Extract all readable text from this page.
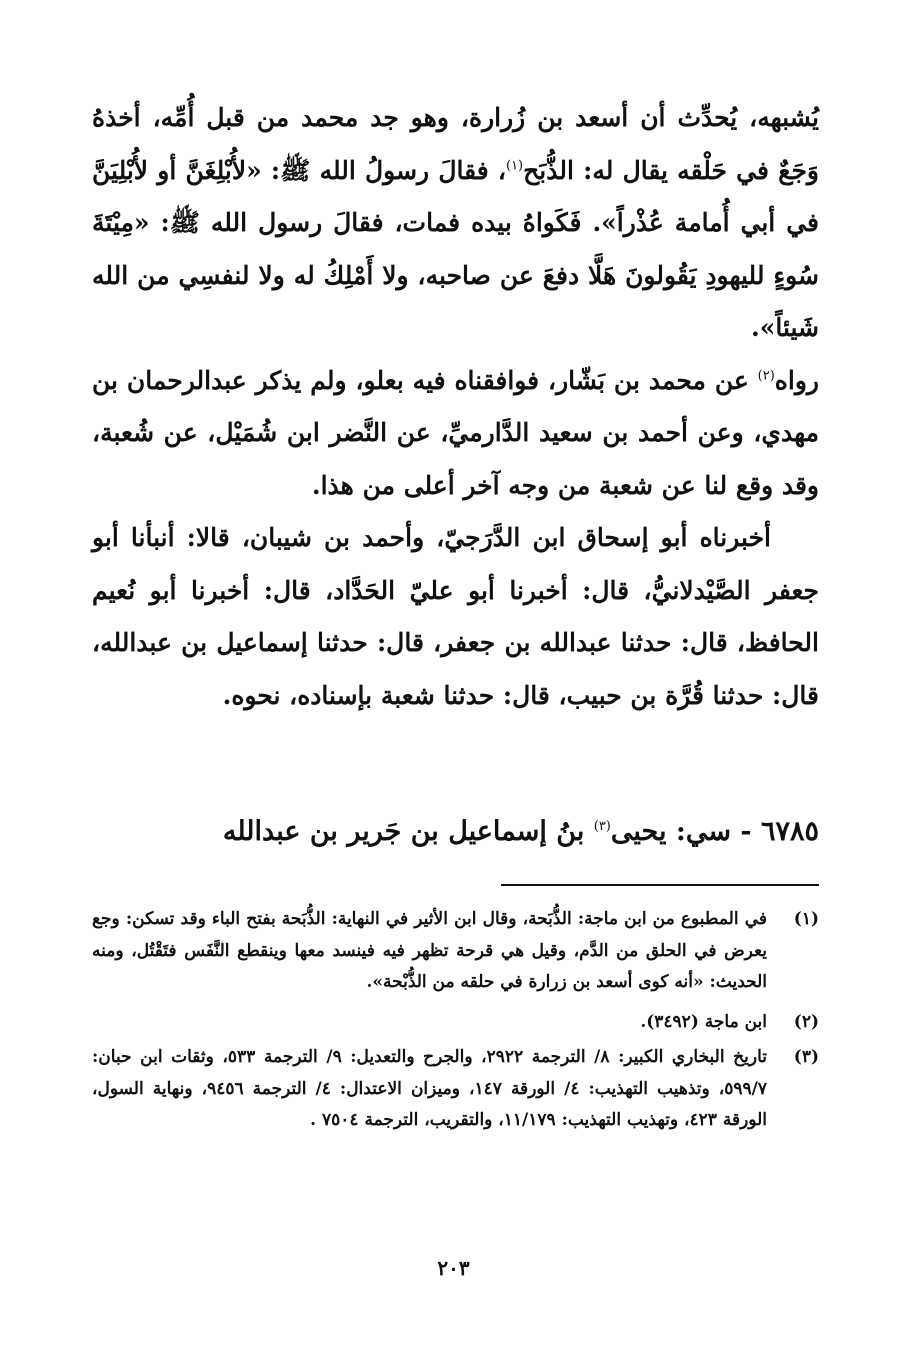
يُشبهه، يُحدِّث أن أسعد بن زُرارة، وهو جد محمد من قبل أُمِّه، أخذهُ وَجَعٌ في حَلْقه يقال له: الذُّبَح$^{(١)}$، فقالَ رسولُ الله ﷺ: «لأُبْلِغَنَّ أو لأُبْلِيَنَّ في أبي أُمامة عُذْراً». فَكَواهُ بيده فمات، فقالَ رسول الله ﷺ: «مِيْتَةَ سُوءٍ لليهودِ يَقُولونَ هَلَّا دفعَ عن صاحبه، ولا أَمْلِكُ له ولا لنفسِي من الله شَيئاً».

رواه$^{(٢)}$ عن محمد بن بَشّار، فوافقناه فيه بعلو، ولم يذكر عبدالرحمان بن مهدي، وعن أحمد بن سعيد الدَّارميِّ، عن النَّضر ابن شُمَيْل، عن شُعبة، وقد وقع لنا عن شعبة من وجه آخر أعلى من هذا.

أخبرناه أبو إسحاق ابن الدَّرَجيّ، وأحمد بن شيبان، قالا: أنبأنا أبو جعفر الصَّيْدلانيُّ، قال: أخبرنا أبو عليّ الحَدَّاد، قال: أخبرنا أبو نُعيم الحافظ، قال: حدثنا عبدالله بن جعفر، قال: حدثنا إسماعيل بن عبدالله، قال: حدثنا قُرَّة بن حبيب، قال: حدثنا شعبة بإسناده، نحوه.

٦٧٨٥ - سي: يحيى$^{(٣)}$ بنُ إسماعيل بن جَرير بن عبدالله
(١)
في المطبوع من ابن ماجة: الذُّبَحة، وقال ابن الأثير في النهاية: الذُّبَحة بفتح الباء وقد تسكن: وجع يعرض في الحلق من الدَّم، وقيل هي قرحة تظهر فيه فينسد معها وينقطع النَّفَس فتَقْتُل، ومنه الحديث: «أنه كوى أسعد بن زرارة في حلقه من الذُّبْحة».
(٢)
ابن ماجة (٣٤٩٢).
(٣)
تاريخ البخاري الكبير: ٨/ الترجمة ٢٩٢٢، والجرح والتعديل: ٩/ الترجمة ٥٣٣، وثقات ابن حبان: ٥٩٩/٧، وتذهيب التهذيب: ٤/ الورقة ١٤٧، وميزان الاعتدال: ٤/ الترجمة ٩٤٥٦، ونهاية السول، الورقة ٤٢٣، وتهذيب التهذيب: ١١/١٧٩، والتقريب، الترجمة ٧٥٠٤ .
٢٠٣
